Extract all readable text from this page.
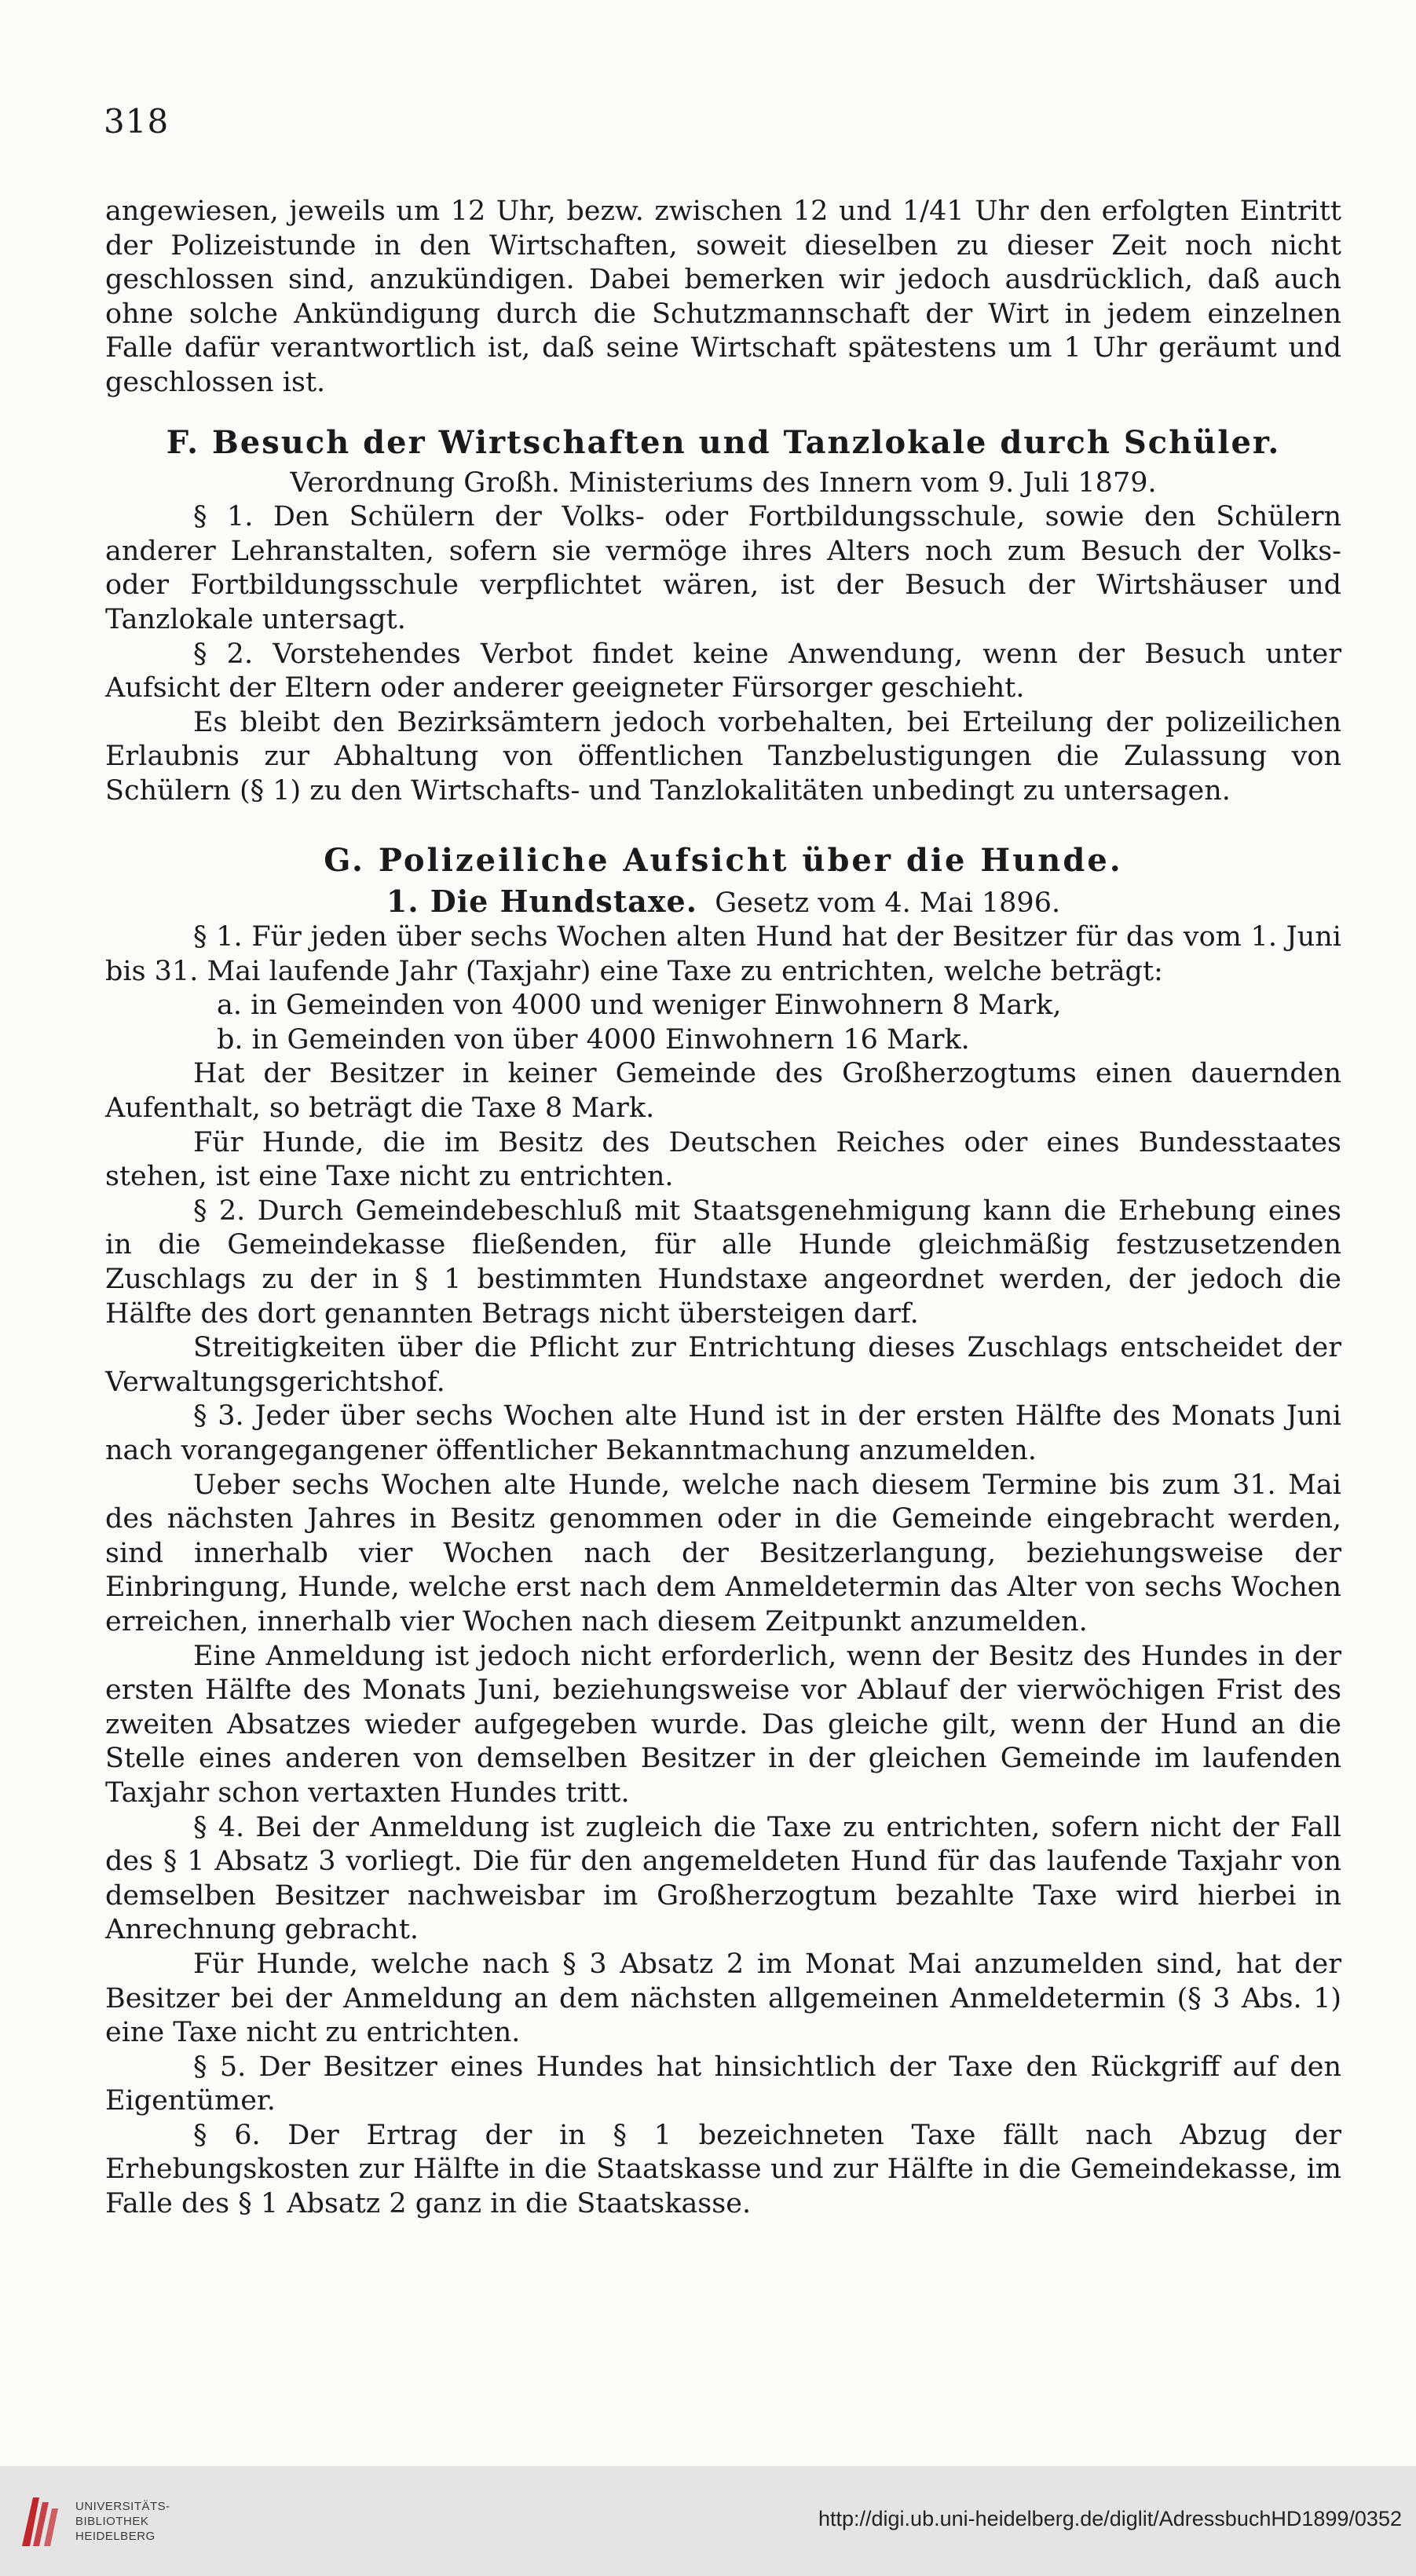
318

angewiesen, jeweils um 12 Uhr, bezw. zwischen 12 und 1/41 Uhr den erfolgten Eintritt der Polizeistunde in den Wirtschaften, soweit dieselben zu dieser Zeit noch nicht geschlossen sind, anzukündigen. Dabei bemerken wir jedoch ausdrücklich, daß auch ohne solche Ankündigung durch die Schutzmannschaft der Wirt in jedem einzelnen Falle dafür verantwortlich ist, daß seine Wirtschaft spätestens um 1 Uhr geräumt und geschlossen ist.

F. Besuch der Wirtschaften und Tanzlokale durch Schüler.

Verordnung Großh. Ministeriums des Innern vom 9. Juli 1879.

§ 1. Den Schülern der Volks- oder Fortbildungsschule, sowie den Schülern anderer Lehranstalten, sofern sie vermöge ihres Alters noch zum Besuch der Volks- oder Fortbildungsschule verpflichtet wären, ist der Besuch der Wirtshäuser und Tanzlokale untersagt.

§ 2. Vorstehendes Verbot findet keine Anwendung, wenn der Besuch unter Aufsicht der Eltern oder anderer geeigneter Fürsorger geschieht.

Es bleibt den Bezirksämtern jedoch vorbehalten, bei Erteilung der polizeilichen Erlaubnis zur Abhaltung von öffentlichen Tanzbelustigungen die Zulassung von Schülern (§ 1) zu den Wirtschafts- und Tanzlokalitäten unbedingt zu untersagen.

G. Polizeiliche Aufsicht über die Hunde.

1. Die Hundstaxe. Gesetz vom 4. Mai 1896.

§ 1. Für jeden über sechs Wochen alten Hund hat der Besitzer für das vom 1. Juni bis 31. Mai laufende Jahr (Taxjahr) eine Taxe zu entrichten, welche beträgt:

a. in Gemeinden von 4000 und weniger Einwohnern 8 Mark,
b. in Gemeinden von über 4000 Einwohnern 16 Mark.

Hat der Besitzer in keiner Gemeinde des Großherzogtums einen dauernden Aufenthalt, so beträgt die Taxe 8 Mark.

Für Hunde, die im Besitz des Deutschen Reiches oder eines Bundesstaates stehen, ist eine Taxe nicht zu entrichten.

§ 2. Durch Gemeindebeschluß mit Staatsgenehmigung kann die Erhebung eines in die Gemeindekasse fließenden, für alle Hunde gleichmäßig festzusetzenden Zuschlags zu der in § 1 bestimmten Hundstaxe angeordnet werden, der jedoch die Hälfte des dort genannten Betrags nicht übersteigen darf.

Streitigkeiten über die Pflicht zur Entrichtung dieses Zuschlags entscheidet der Verwaltungsgerichtshof.

§ 3. Jeder über sechs Wochen alte Hund ist in der ersten Hälfte des Monats Juni nach vorangegangener öffentlicher Bekanntmachung anzumelden.

Ueber sechs Wochen alte Hunde, welche nach diesem Termine bis zum 31. Mai des nächsten Jahres in Besitz genommen oder in die Gemeinde eingebracht werden, sind innerhalb vier Wochen nach der Besitzerlangung, beziehungsweise der Einbringung, Hunde, welche erst nach dem Anmeldetermin das Alter von sechs Wochen erreichen, innerhalb vier Wochen nach diesem Zeitpunkt anzumelden.

Eine Anmeldung ist jedoch nicht erforderlich, wenn der Besitz des Hundes in der ersten Hälfte des Monats Juni, beziehungsweise vor Ablauf der vierwöchigen Frist des zweiten Absatzes wieder aufgegeben wurde. Das gleiche gilt, wenn der Hund an die Stelle eines anderen von demselben Besitzer in der gleichen Gemeinde im laufenden Taxjahr schon vertaxten Hundes tritt.

§ 4. Bei der Anmeldung ist zugleich die Taxe zu entrichten, sofern nicht der Fall des § 1 Absatz 3 vorliegt. Die für den angemeldeten Hund für das laufende Taxjahr von demselben Besitzer nachweisbar im Großherzogtum bezahlte Taxe wird hierbei in Anrechnung gebracht.

Für Hunde, welche nach § 3 Absatz 2 im Monat Mai anzumelden sind, hat der Besitzer bei der Anmeldung an dem nächsten allgemeinen Anmeldetermin (§ 3 Abs. 1) eine Taxe nicht zu entrichten.

§ 5. Der Besitzer eines Hundes hat hinsichtlich der Taxe den Rückgriff auf den Eigentümer.

§ 6. Der Ertrag der in § 1 bezeichneten Taxe fällt nach Abzug der Erhebungskosten zur Hälfte in die Staatskasse und zur Hälfte in die Gemeindekasse, im Falle des § 1 Absatz 2 ganz in die Staatskasse.

UNIVERSITÄTS-
BIBLIOTHEK
HEIDELBERG
http://digi.ub.uni-heidelberg.de/diglit/AdressbuchHD1899/0352
